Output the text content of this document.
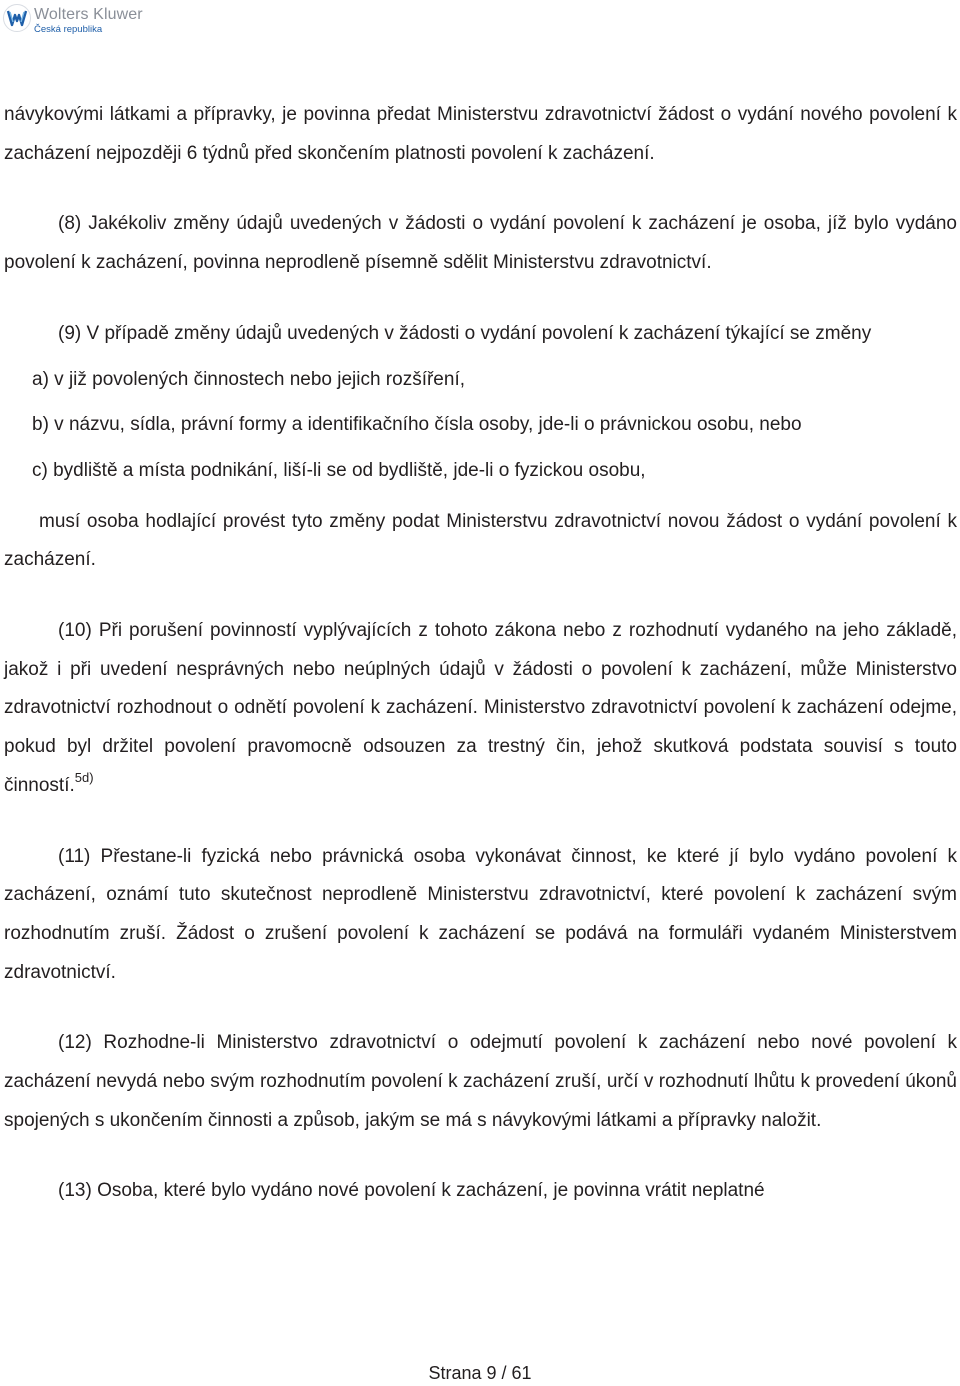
Wolters Kluwer
Česká republika

návykovými látkami a přípravky, je povinna předat Ministerstvu zdravotnictví žádost o vydání nového povolení k zacházení nejpozději 6 týdnů před skončením platnosti povolení k zacházení.

(8) Jakékoliv změny údajů uvedených v žádosti o vydání povolení k zacházení je osoba, jíž bylo vydáno povolení k zacházení, povinna neprodleně písemně sdělit Ministerstvu zdravotnictví.

(9) V případě změny údajů uvedených v žádosti o vydání povolení k zacházení týkající se změny

a) v již povolených činnostech nebo jejich rozšíření,

b) v názvu, sídla, právní formy a identifikačního čísla osoby, jde-li o právnickou osobu, nebo

c) bydliště a místa podnikání, liší-li se od bydliště, jde-li o fyzickou osobu,

musí osoba hodlající provést tyto změny podat Ministerstvu zdravotnictví novou žádost o vydání povolení k zacházení.

(10) Při porušení povinností vyplývajících z tohoto zákona nebo z rozhodnutí vydaného na jeho základě, jakož i při uvedení nesprávných nebo neúplných údajů v žádosti o povolení k zacházení, může Ministerstvo zdravotnictví rozhodnout o odnětí povolení k zacházení. Ministerstvo zdravotnictví povolení k zacházení odejme, pokud byl držitel povolení pravomocně odsouzen za trestný čin, jehož skutková podstata souvisí s touto činností.$^{5d)}$

(11) Přestane-li fyzická nebo právnická osoba vykonávat činnost, ke které jí bylo vydáno povolení k zacházení, oznámí tuto skutečnost neprodleně Ministerstvu zdravotnictví, které povolení k zacházení svým rozhodnutím zruší. Žádost o zrušení povolení k zacházení se podává na formuláři vydaném Ministerstvem zdravotnictví.

(12) Rozhodne-li Ministerstvo zdravotnictví o odejmutí povolení k zacházení nebo nové povolení k zacházení nevydá nebo svým rozhodnutím povolení k zacházení zruší, určí v rozhodnutí lhůtu k provedení úkonů spojených s ukončením činnosti a způsob, jakým se má s návykovými látkami a přípravky naložit.

(13) Osoba, které bylo vydáno nové povolení k zacházení, je povinna vrátit neplatné

Strana 9 / 61
